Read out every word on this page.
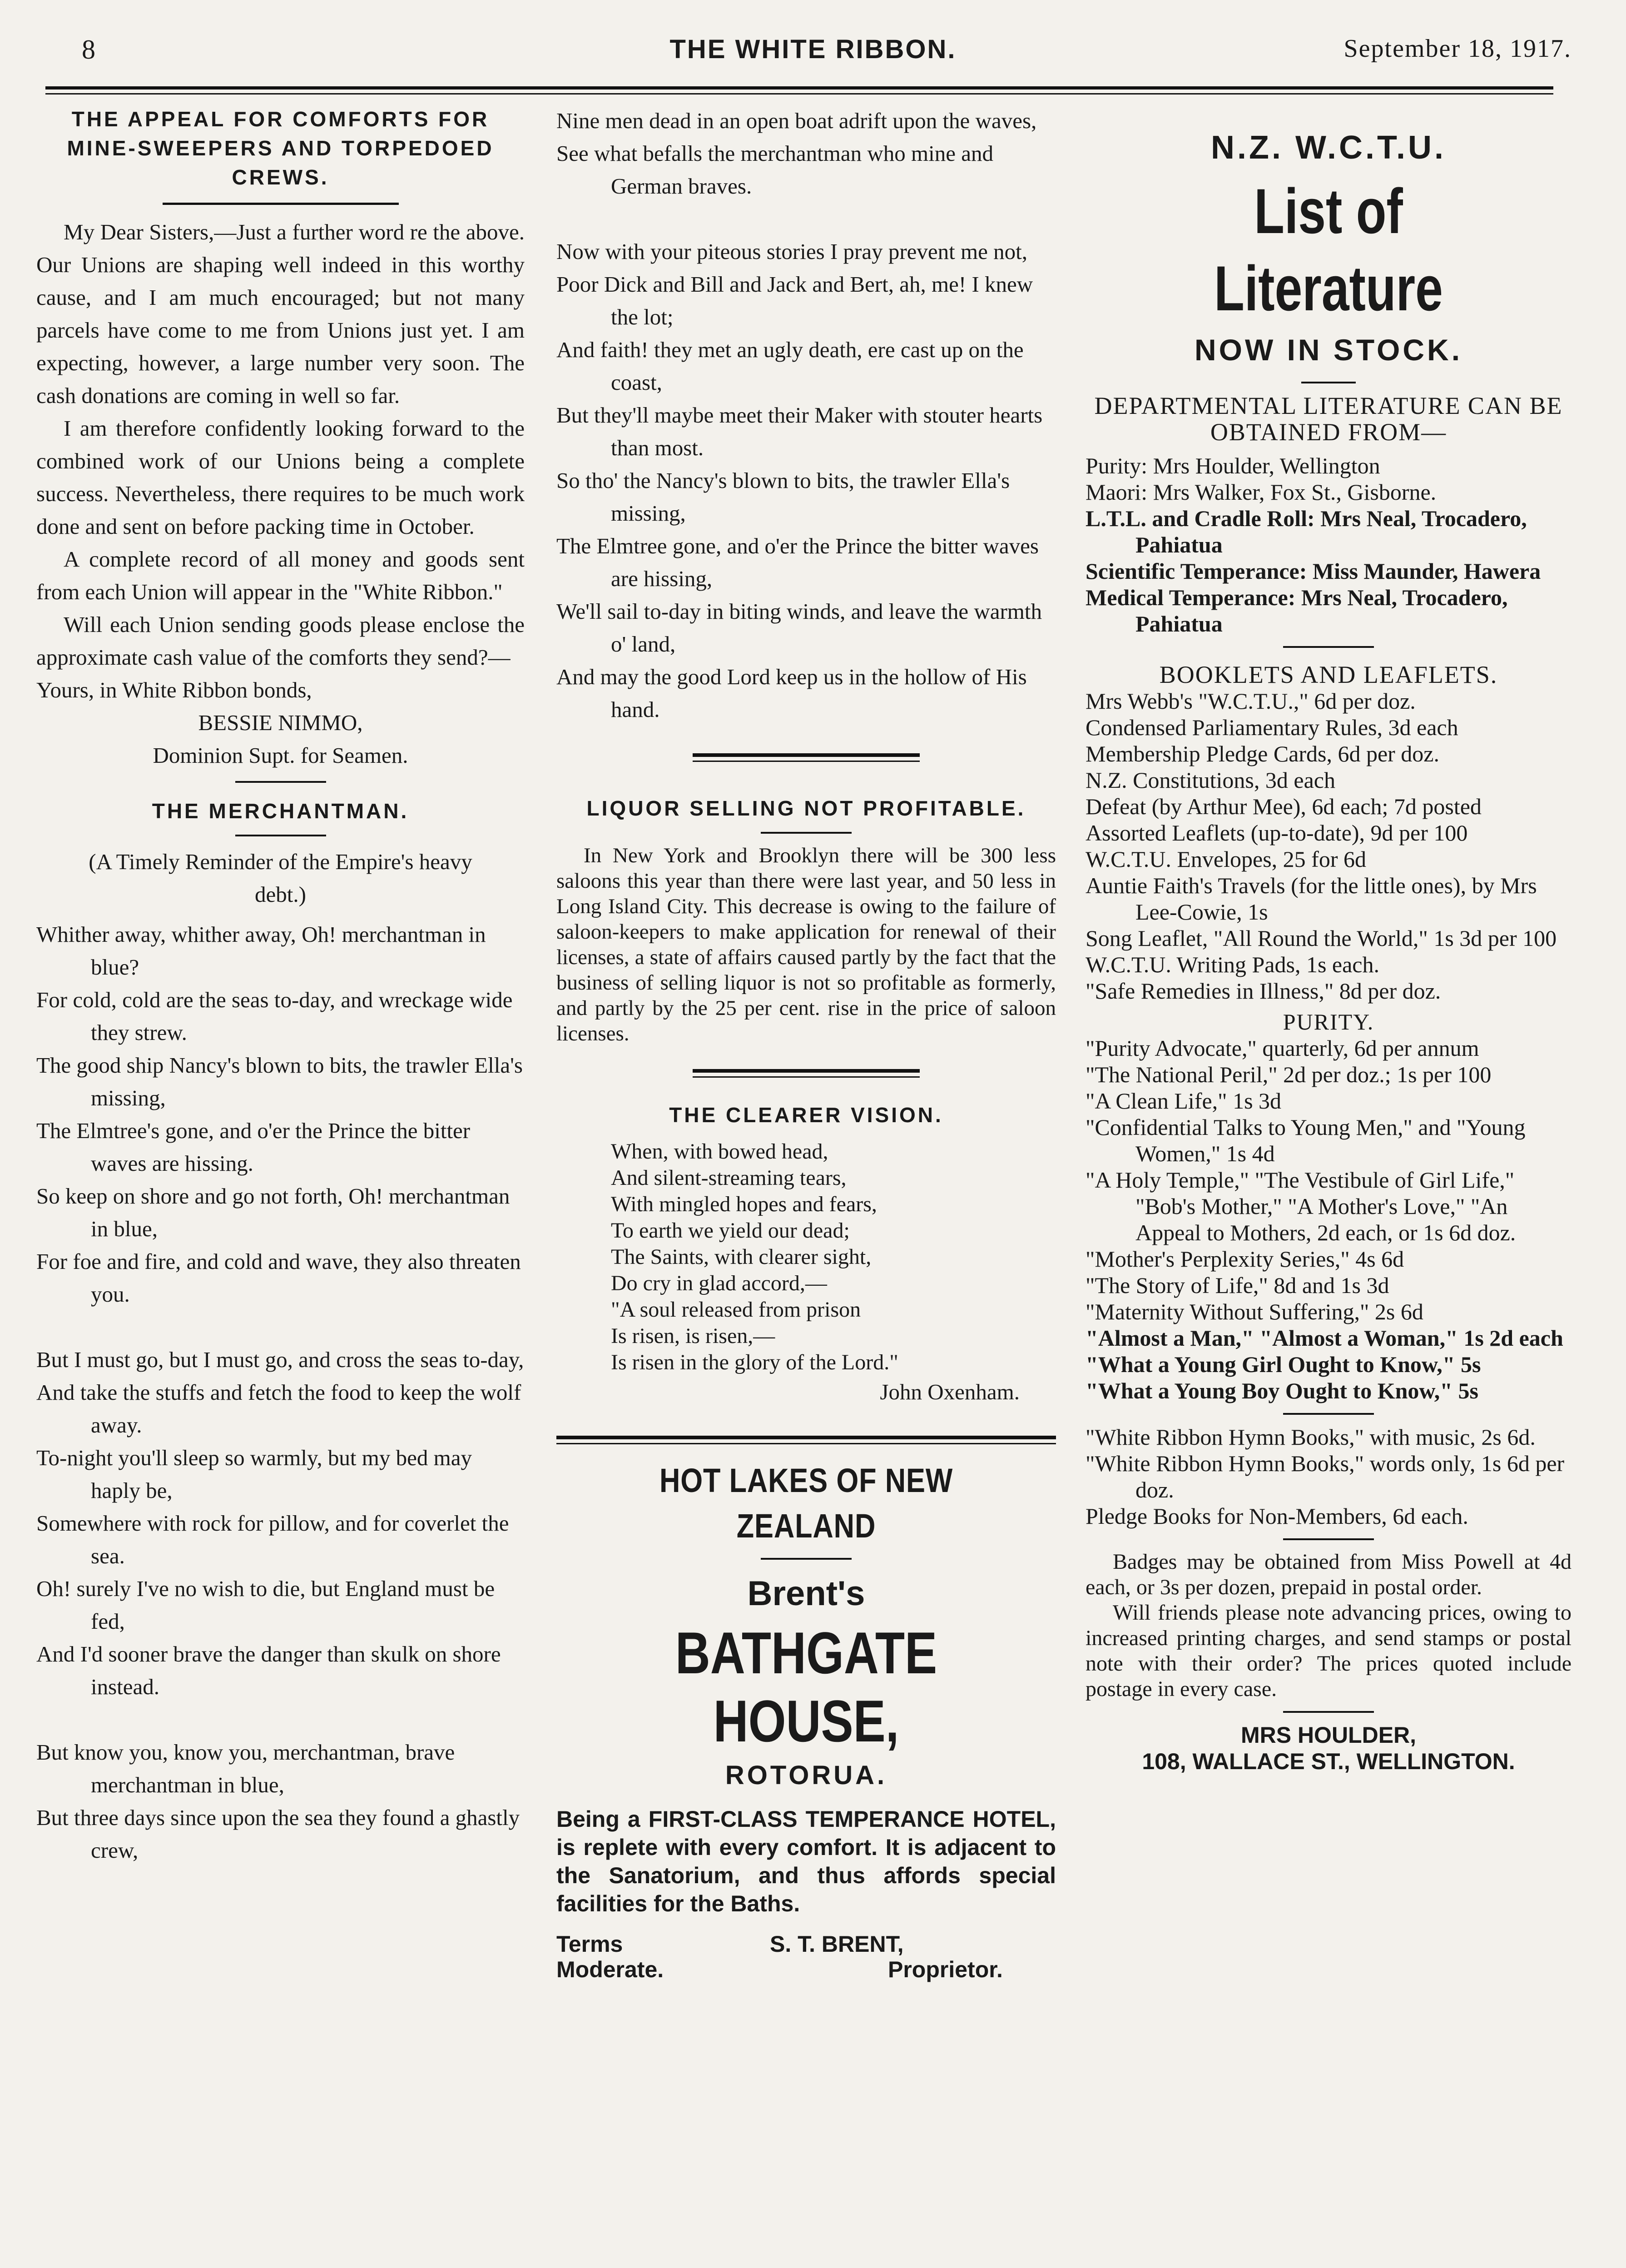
8	THE WHITE RIBBON.	September 18, 1917.
THE APPEAL FOR COMFORTS FOR MINE-SWEEPERS AND TORPEDOED CREWS.

My Dear Sisters,—Just a further word re the above. Our Unions are shaping well indeed in this worthy cause, and I am much encouraged; but not many parcels have come to me from Unions just yet. I am expecting, however, a large number very soon. The cash donations are coming in well so far.

I am therefore confidently looking forward to the combined work of our Unions being a complete success. Nevertheless, there requires to be much work done and sent on before packing time in October.

A complete record of all money and goods sent from each Union will appear in the "White Ribbon."

Will each Union sending goods please enclose the approximate cash value of the comforts they send?—

Yours, in White Ribbon bonds,
BESSIE NIMMO,
Dominion Supt. for Seamen.
THE MERCHANTMAN.
(A Timely Reminder of the Empire's heavy debt.)
Whither away, whither away, Oh! merchantman in blue?
For cold, cold are the seas to-day, and wreckage wide they strew.
The good ship Nancy's blown to bits, the trawler Ella's missing,
The Elmtree's gone, and o'er the Prince the bitter waves are hissing.
So keep on shore and go not forth, Oh! merchantman in blue,
For foe and fire, and cold and wave, they also threaten you.
But I must go, but I must go, and cross the seas to-day,
And take the stuffs and fetch the food to keep the wolf away.
To-night you'll sleep so warmly, but my bed may haply be,
Somewhere with rock for pillow, and for coverlet the sea.
Oh! surely I've no wish to die, but England must be fed,
And I'd sooner brave the danger than skulk on shore instead.
But know you, know you, merchantman, brave merchantman in blue,
But three days since upon the sea they found a ghastly crew,
Nine men dead in an open boat adrift upon the waves,
See what befalls the merchantman who mine and German braves.
Now with your piteous stories I pray prevent me not,
Poor Dick and Bill and Jack and Bert, ah, me! I knew the lot;
And faith! they met an ugly death, ere cast up on the coast,
But they'll maybe meet their Maker with stouter hearts than most.
So tho' the Nancy's blown to bits, the trawler Ella's missing,
The Elmtree gone, and o'er the Prince the bitter waves are hissing,
We'll sail to-day in biting winds, and leave the warmth o' land,
And may the good Lord keep us in the hollow of His hand.
LIQUOR SELLING NOT PROFITABLE.

In New York and Brooklyn there will be 300 less saloons this year than there were last year, and 50 less in Long Island City. This decrease is owing to the failure of saloon-keepers to make application for renewal of their licenses, a state of affairs caused partly by the fact that the business of selling liquor is not so profitable as formerly, and partly by the 25 per cent. rise in the price of saloon licenses.

THE CLEARER VISION.
When, with bowed head,
And silent-streaming tears,
With mingled hopes and fears,
To earth we yield our dead;
The Saints, with clearer sight,
Do cry in glad accord,—
"A soul released from prison
Is risen, is risen,—
Is risen in the glory of the Lord."
John Oxenham.
HOT LAKES OF NEW ZEALAND
Brent's
BATHGATE HOUSE,
ROTORUA.
Being a FIRST-CLASS TEMPERANCE HOTEL, is replete with every comfort. It is adjacent to the Sanatorium, and thus affords special facilities for the Baths.
Terms
Moderate.
S. T. BRENT,
Proprietor.
N.Z. W.C.T.U.
List of Literature
NOW IN STOCK.
DEPARTMENTAL LITERATURE CAN BE OBTAINED FROM—
Purity: Mrs Houlder, Wellington
Maori: Mrs Walker, Fox St., Gisborne.
L.T.L. and Cradle Roll: Mrs Neal, Trocadero, Pahiatua
Scientific Temperance: Miss Maunder, Hawera
Medical Temperance: Mrs Neal, Trocadero, Pahiatua
BOOKLETS AND LEAFLETS.
Mrs Webb's "W.C.T.U.," 6d per doz.
Condensed Parliamentary Rules, 3d each
Membership Pledge Cards, 6d per doz.
N.Z. Constitutions, 3d each
Defeat (by Arthur Mee), 6d each; 7d posted
Assorted Leaflets (up-to-date), 9d per 100
W.C.T.U. Envelopes, 25 for 6d
Auntie Faith's Travels (for the little ones), by Mrs Lee-Cowie, 1s
Song Leaflet, "All Round the World," 1s 3d per 100
W.C.T.U. Writing Pads, 1s each.
"Safe Remedies in Illness," 8d per doz.
PURITY.
"Purity Advocate," quarterly, 6d per annum
"The National Peril," 2d per doz.; 1s per 100
"A Clean Life," 1s 3d
"Confidential Talks to Young Men," and "Young Women," 1s 4d
"A Holy Temple," "The Vestibule of Girl Life," "Bob's Mother," "A Mother's Love," "An Appeal to Mothers, 2d each, or 1s 6d doz.
"Mother's Perplexity Series," 4s 6d
"The Story of Life," 8d and 1s 3d
"Maternity Without Suffering," 2s 6d
"Almost a Man," "Almost a Woman," 1s 2d each
"What a Young Girl Ought to Know," 5s
"What a Young Boy Ought to Know," 5s
"White Ribbon Hymn Books," with music, 2s 6d.
"White Ribbon Hymn Books," words only, 1s 6d per doz.
Pledge Books for Non-Members, 6d each.

Badges may be obtained from Miss Powell at 4d each, or 3s per dozen, prepaid in postal order.

Will friends please note advancing prices, owing to increased printing charges, and send stamps or postal note with their order? The prices quoted include postage in every case.

MRS HOULDER,
108, WALLACE ST., WELLINGTON.
